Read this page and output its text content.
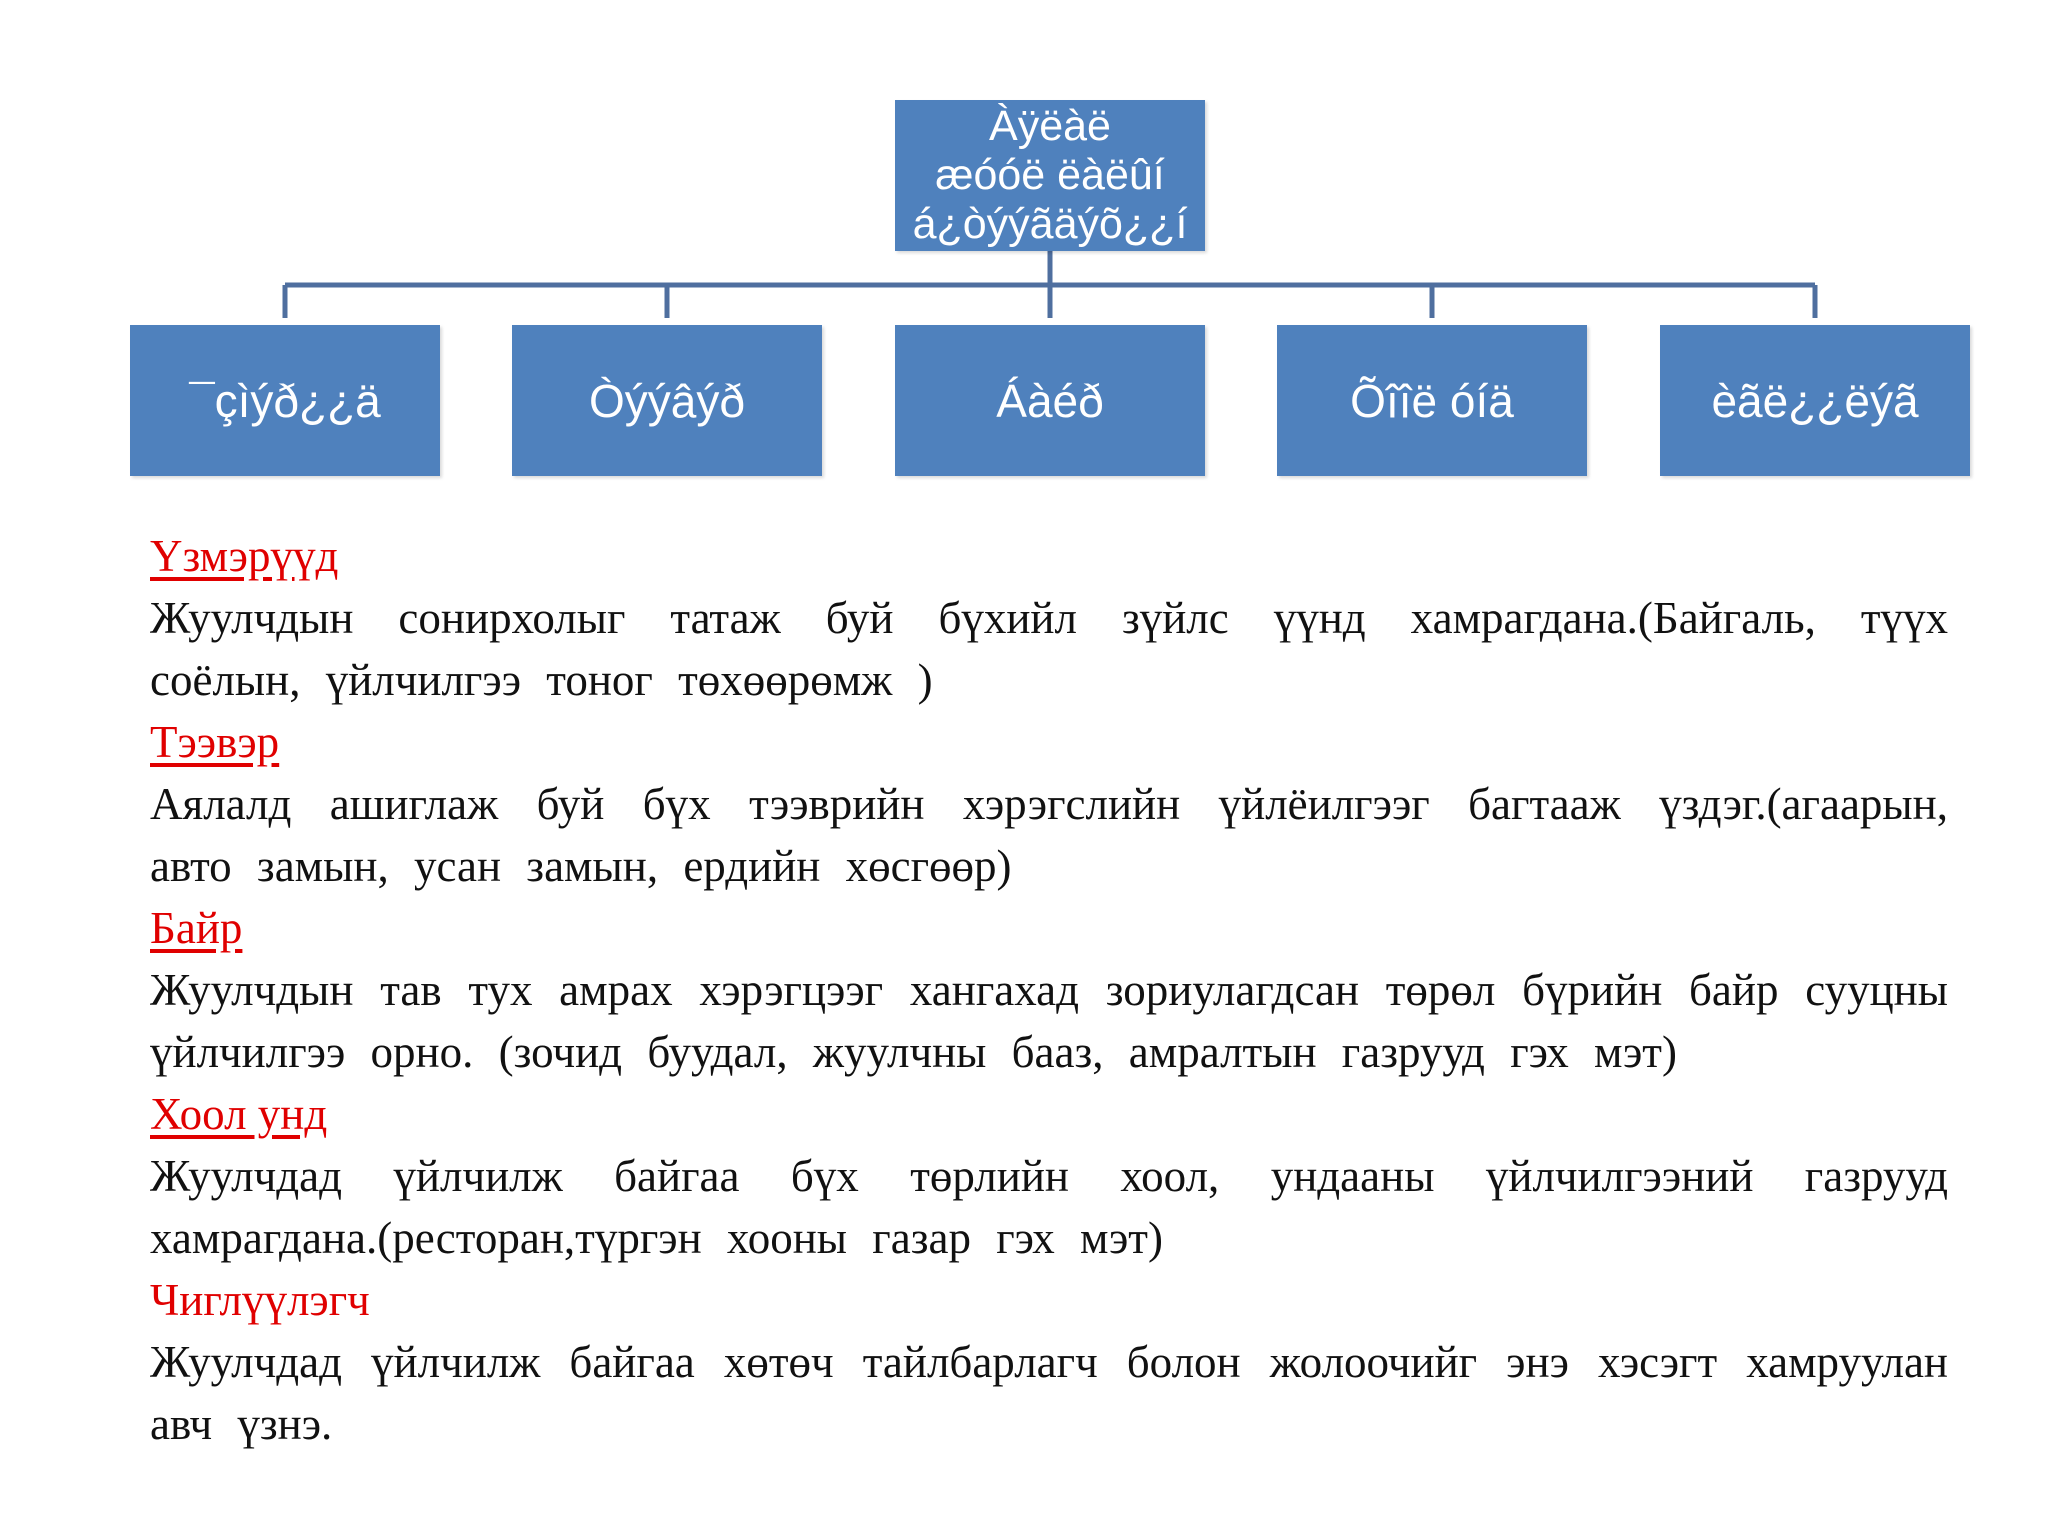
Àÿëàë
æóóë ëàëûí
á¿òýýãäýõ¿¿í
¯çìýð¿¿ä	Òýýâýð	Áàéð	Õîîë óíä	èãë¿¿ëýã
Үзмэрүүд
Жуулчдын сонирхолыг татаж буй бүхийл зүйлс үүнд хамрагдана.(Байгаль, түүх соёлын, үйлчилгээ тоног төхөөрөмж )
Тээвэр
Аялалд ашиглаж буй бүх тээврийн хэрэгслийн үйлёилгээг багтааж үздэг.(агаарын, авто замын, усан замын, ердийн хөсгөөр)
Байр
Жуулчдын тав тух амрах хэрэгцээг хангахад зориулагдсан төрөл бүрийн байр сууцны үйлчилгээ орно. (зочид буудал, жуулчны бааз, амралтын газрууд гэх мэт)
Хоол унд
Жуулчдад үйлчилж байгаа бүх төрлийн хоол, ундааны үйлчилгээний газрууд хамрагдана.(ресторан,түргэн хооны газар гэх мэт)
Чиглүүлэгч
Жуулчдад үйлчилж байгаа хөтөч тайлбарлагч болон жолоочийг энэ хэсэгт хамруулан авч үзнэ.
